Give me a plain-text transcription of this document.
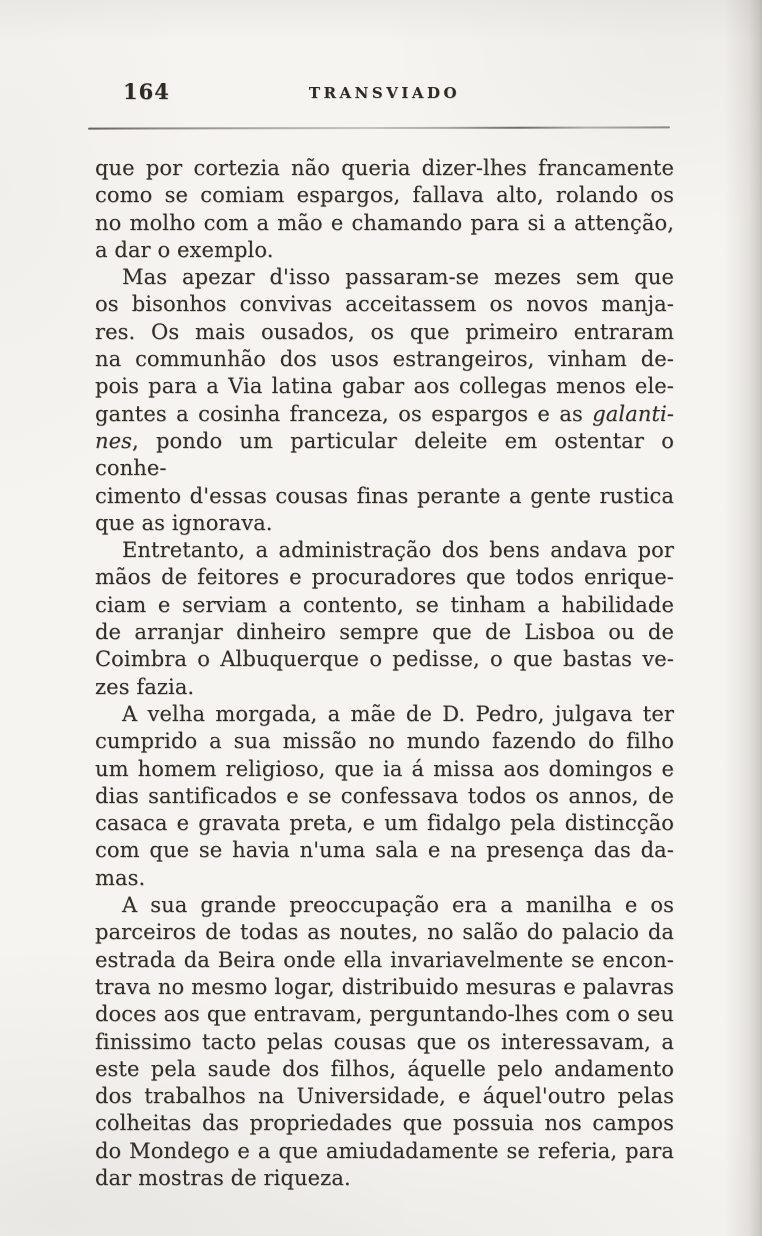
164	TRANSVIADO
que por cortezia não queria dizer-lhes francamente
como se comiam espargos, fallava alto, rolando os
no molho com a mão e chamando para si a attenção,
a dar o exemplo.
Mas apezar d'isso passaram-se mezes sem que
os bisonhos convivas acceitassem os novos manja-
res. Os mais ousados, os que primeiro entraram
na communhão dos usos estrangeiros, vinham de-
pois para a Via latina gabar aos collegas menos ele-
gantes a cosinha franceza, os espargos e as galanti-
nes, pondo um particular deleite em ostentar o conhe-
cimento d'essas cousas finas perante a gente rustica
que as ignorava.
Entretanto, a administração dos bens andava por
mãos de feitores e procuradores que todos enrique-
ciam e serviam a contento, se tinham a habilidade
de arranjar dinheiro sempre que de Lisboa ou de
Coimbra o Albuquerque o pedisse, o que bastas ve-
zes fazia.
A velha morgada, a mãe de D. Pedro, julgava ter
cumprido a sua missão no mundo fazendo do filho
um homem religioso, que ia á missa aos domingos e
dias santificados e se confessava todos os annos, de
casaca e gravata preta, e um fidalgo pela distincção
com que se havia n'uma sala e na presença das da-
mas.
A sua grande preoccupação era a manilha e os
parceiros de todas as noutes, no salão do palacio da
estrada da Beira onde ella invariavelmente se encon-
trava no mesmo logar, distribuido mesuras e palavras
doces aos que entravam, perguntando-lhes com o seu
finissimo tacto pelas cousas que os interessavam, a
este pela saude dos filhos, áquelle pelo andamento
dos trabalhos na Universidade, e áquel'outro pelas
colheitas das propriedades que possuia nos campos
do Mondego e a que amiudadamente se referia, para
dar mostras de riqueza.
